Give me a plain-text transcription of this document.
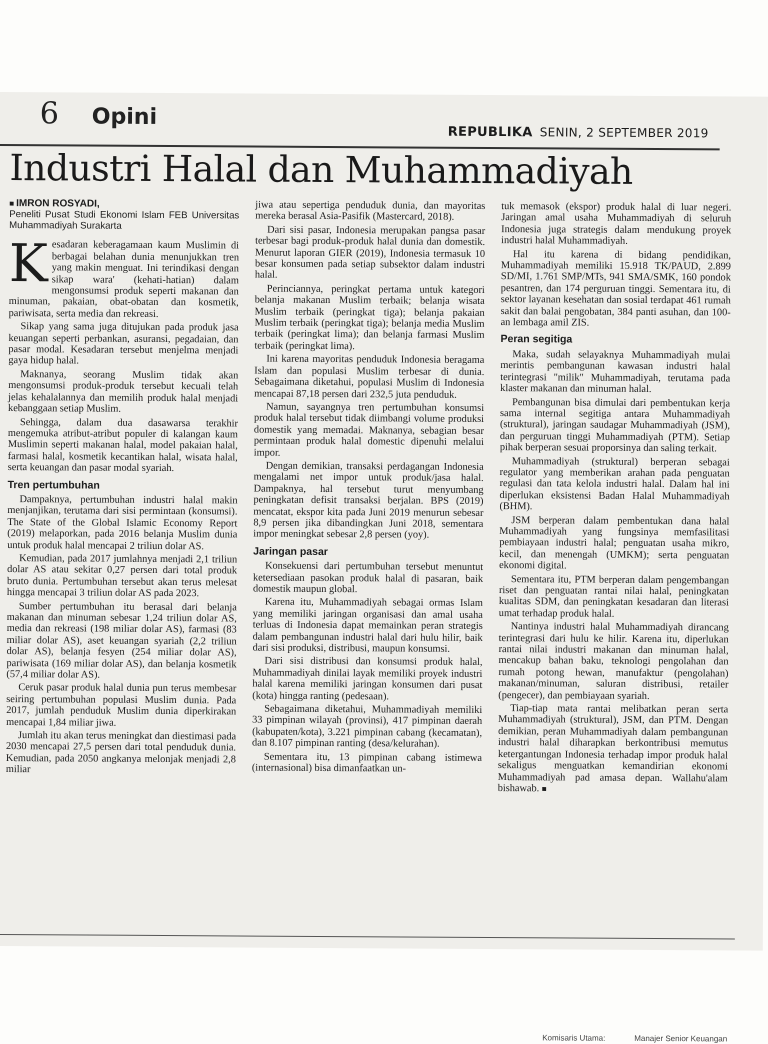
6 Opini
REPUBLIKA SENIN, 2 SEPTEMBER 2019
Industri Halal dan Muhammadiyah
■ IMRON ROSYADI,
Peneliti Pusat Studi Ekonomi Islam FEB Universitas Muhammadiyah Surakarta

Kesadaran keberagamaan kaum Muslimin di berbagai belahan dunia menunjukkan tren yang makin menguat. Ini terindikasi dengan sikap wara' (kehati-hatian) dalam mengonsumsi produk seperti makanan dan minuman, pakaian, obat-obatan dan kosmetik, pariwisata, serta media dan rekreasi.

Sikap yang sama juga ditujukan pada produk jasa keuangan seperti perbankan, asuransi, pegadaian, dan pasar modal. Kesadaran tersebut menjelma menjadi gaya hidup halal.

Maknanya, seorang Muslim tidak akan mengonsumsi produk-produk tersebut kecuali telah jelas kehalalannya dan memilih produk halal menjadi kebanggaan setiap Muslim.

Sehingga, dalam dua dasawarsa terakhir mengemuka atribut-atribut populer di kalangan kaum Muslimin seperti makanan halal, model pakaian halal, farmasi halal, kosmetik kecantikan halal, wisata halal, serta keuangan dan pasar modal syariah.

Tren pertumbuhan

Dampaknya, pertumbuhan industri halal makin menjanjikan, terutama dari sisi permintaan (konsumsi). The State of the Global Islamic Economy Report (2019) melaporkan, pada 2016 belanja Muslim dunia untuk produk halal mencapai 2 triliun dolar AS.

Kemudian, pada 2017 jumlahnya menjadi 2,1 triliun dolar AS atau sekitar 0,27 persen dari total produk bruto dunia. Pertumbuhan tersebut akan terus melesat hingga mencapai 3 triliun dolar AS pada 2023.

Sumber pertumbuhan itu berasal dari belanja makanan dan minuman sebesar 1,24 triliun dolar AS, media dan rekreasi (198 miliar dolar AS), farmasi (83 miliar dolar AS), aset keuangan syariah (2,2 triliun dolar AS), belanja fesyen (254 miliar dolar AS), pariwisata (169 miliar dolar AS), dan belanja kosmetik (57,4 miliar dolar AS).

Ceruk pasar produk halal dunia pun terus membesar seiring pertumbuhan populasi Muslim dunia. Pada 2017, jumlah penduduk Muslim dunia diperkirakan mencapai 1,84 miliar jiwa.

Jumlah itu akan terus meningkat dan diestimasi pada 2030 mencapai 27,5 persen dari total penduduk dunia. Kemudian, pada 2050 angkanya melonjak menjadi 2,8 miliar

jiwa atau sepertiga penduduk dunia, dan mayoritas mereka berasal Asia-Pasifik (Mastercard, 2018).

Dari sisi pasar, Indonesia merupakan pangsa pasar terbesar bagi produk-produk halal dunia dan domestik. Menurut laporan GIER (2019), Indonesia termasuk 10 besar konsumen pada setiap subsektor dalam industri halal.

Perinciannya, peringkat pertama untuk kategori belanja makanan Muslim terbaik; belanja wisata Muslim terbaik (peringkat tiga); belanja pakaian Muslim terbaik (peringkat tiga); belanja media Muslim terbaik (peringkat lima); dan belanja farmasi Muslim terbaik (peringkat lima).

Ini karena mayoritas penduduk Indonesia beragama Islam dan populasi Muslim terbesar di dunia. Sebagaimana diketahui, populasi Muslim di Indonesia mencapai 87,18 persen dari 232,5 juta penduduk.

Namun, sayangnya tren pertumbuhan konsumsi produk halal tersebut tidak diimbangi volume produksi domestik yang memadai. Maknanya, sebagian besar permintaan produk halal domestic dipenuhi melalui impor.

Dengan demikian, transaksi perdagangan Indonesia mengalami net impor untuk produk/jasa halal. Dampaknya, hal tersebut turut menyumbang peningkatan defisit transaksi berjalan. BPS (2019) mencatat, ekspor kita pada Juni 2019 menurun sebesar 8,9 persen jika dibandingkan Juni 2018, sementara impor meningkat sebesar 2,8 persen (yoy).

Jaringan pasar

Konsekuensi dari pertumbuhan tersebut menuntut ketersediaan pasokan produk halal di pasaran, baik domestik maupun global.

Karena itu, Muhammadiyah sebagai ormas Islam yang memiliki jaringan organisasi dan amal usaha terluas di Indonesia dapat memainkan peran strategis dalam pembangunan industri halal dari hulu hilir, baik dari sisi produksi, distribusi, maupun konsumsi.

Dari sisi distribusi dan konsumsi produk halal, Muhammadiyah dinilai layak memiliki proyek industri halal karena memiliki jaringan konsumen dari pusat (kota) hingga ranting (pedesaan).

Sebagaimana diketahui, Muhammadiyah memiliki 33 pimpinan wilayah (provinsi), 417 pimpinan daerah (kabupaten/kota), 3.221 pimpinan cabang (kecamatan), dan 8.107 pimpinan ranting (desa/kelurahan).

Sementara itu, 13 pimpinan cabang istimewa (internasional) bisa dimanfaatkan un-

tuk memasok (ekspor) produk halal di luar negeri. Jaringan amal usaha Muhammadiyah di seluruh Indonesia juga strategis dalam mendukung proyek industri halal Muhammadiyah.

Hal itu karena di bidang pendidikan, Muhammadiyah memiliki 15.918 TK/PAUD, 2.899 SD/MI, 1.761 SMP/MTs, 941 SMA/SMK, 160 pondok pesantren, dan 174 perguruan tinggi. Sementara itu, di sektor layanan kesehatan dan sosial terdapat 461 rumah sakit dan balai pengobatan, 384 panti asuhan, dan 100-an lembaga amil ZIS.

Peran segitiga

Maka, sudah selayaknya Muhammadiyah mulai merintis pembangunan kawasan industri halal terintegrasi "milik" Muhammadiyah, terutama pada klaster makanan dan minuman halal.

Pembangunan bisa dimulai dari pembentukan kerja sama internal segitiga antara Muhammadiyah (struktural), jaringan saudagar Muhammadiyah (JSM), dan perguruan tinggi Muhammadiyah (PTM). Setiap pihak berperan sesuai proporsinya dan saling terkait.

Muhammadiyah (struktural) berperan sebagai regulator yang memberikan arahan pada penguatan regulasi dan tata kelola industri halal. Dalam hal ini diperlukan eksistensi Badan Halal Muhammadiyah (BHM).

JSM berperan dalam pembentukan dana halal Muhammadiyah yang fungsinya memfasilitasi pembiayaan industri halal; penguatan usaha mikro, kecil, dan menengah (UMKM); serta penguatan ekonomi digital.

Sementara itu, PTM berperan dalam pengembangan riset dan penguatan rantai nilai halal, peningkatan kualitas SDM, dan peningkatan kesadaran dan literasi umat terhadap produk halal.

Nantinya industri halal Muhammadiyah dirancang terintegrasi dari hulu ke hilir. Karena itu, diperlukan rantai nilai industri makanan dan minuman halal, mencakup bahan baku, teknologi pengolahan dan rumah potong hewan, manufaktur (pengolahan) makanan/minuman, saluran distribusi, retailer (pengecer), dan pembiayaan syariah.

Tiap-tiap mata rantai melibatkan peran serta Muhammadiyah (struktural), JSM, dan PTM. Dengan demikian, peran Muhammadiyah dalam pembangunan industri halal diharapkan berkontribusi memutus ketergantungan Indonesia terhadap impor produk halal sekaligus menguatkan kemandirian ekonomi Muhammadiyah pad amasa depan. Wallahu'alam bishawab. ■

Komisaris Utama:	Manajer Senior Keuangan
